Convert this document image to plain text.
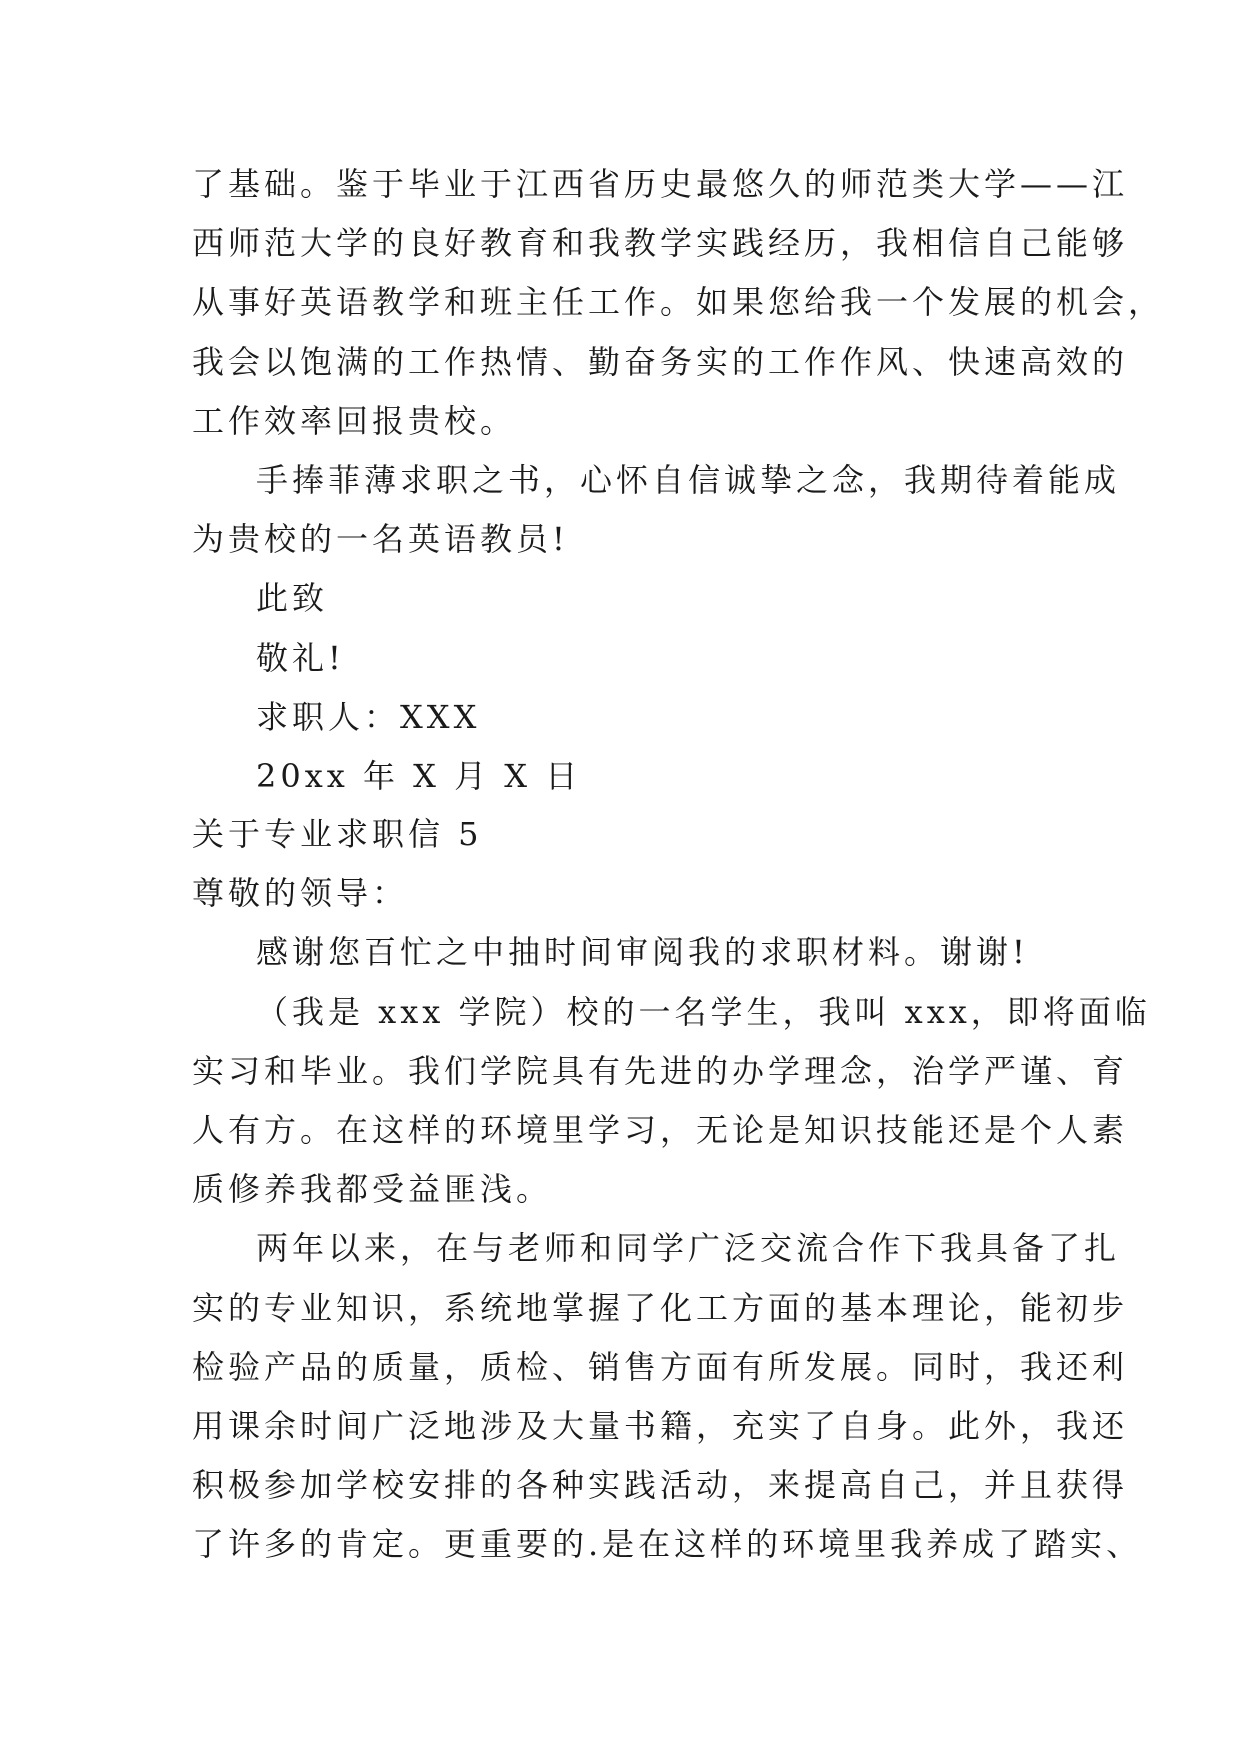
了基础。鉴于毕业于江西省历史最悠久的师范类大学——江
西师范大学的良好教育和我教学实践经历，我相信自己能够
从事好英语教学和班主任工作。如果您给我一个发展的机会，
我会以饱满的工作热情、勤奋务实的工作作风、快速高效的
工作效率回报贵校。
手捧菲薄求职之书，心怀自信诚挚之念，我期待着能成
为贵校的一名英语教员!
此致
敬礼!
求职人：XXX
20xx 年 X 月 X 日
关于专业求职信 5
尊敬的领导：
感谢您百忙之中抽时间审阅我的求职材料。谢谢!
（我是 xxx 学院）校的一名学生，我叫 xxx，即将面临
实习和毕业。我们学院具有先进的办学理念，治学严谨、育
人有方。在这样的环境里学习，无论是知识技能还是个人素
质修养我都受益匪浅。
两年以来，在与老师和同学广泛交流合作下我具备了扎
实的专业知识，系统地掌握了化工方面的基本理论，能初步
检验产品的质量，质检、销售方面有所发展。同时，我还利
用课余时间广泛地涉及大量书籍，充实了自身。此外，我还
积极参加学校安排的各种实践活动，来提高自己，并且获得
了许多的肯定。更重要的.是在这样的环境里我养成了踏实、
